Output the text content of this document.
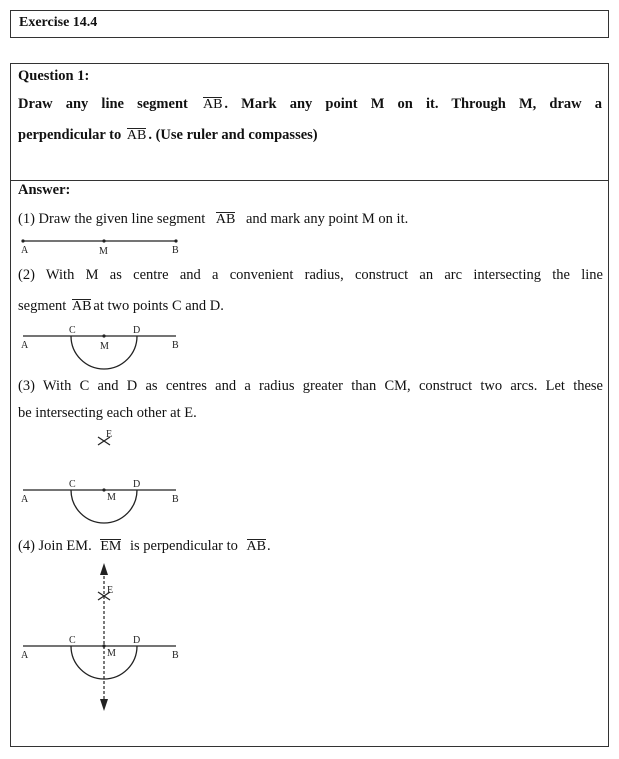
Exercise 14.4
Question 1:
Draw any line segment AB . Mark any point M on it. Through M, draw a
perpendicular to AB . (Use ruler and compasses)
Answer:
(1) Draw the given line segment AB and mark any point M on it.
A	M	B
(2) With M as centre and a convenient radius, construct an arc intersecting the line
segment AB at two points C and D.
C	D
A	M	B
(3) With C and D as centres and a radius greater than CM, construct two arcs. Let these
be intersecting each other at E.
E
C	D
A	M	B
(4) Join EM. EM is perpendicular to AB.
E
C	D
A	M	B
